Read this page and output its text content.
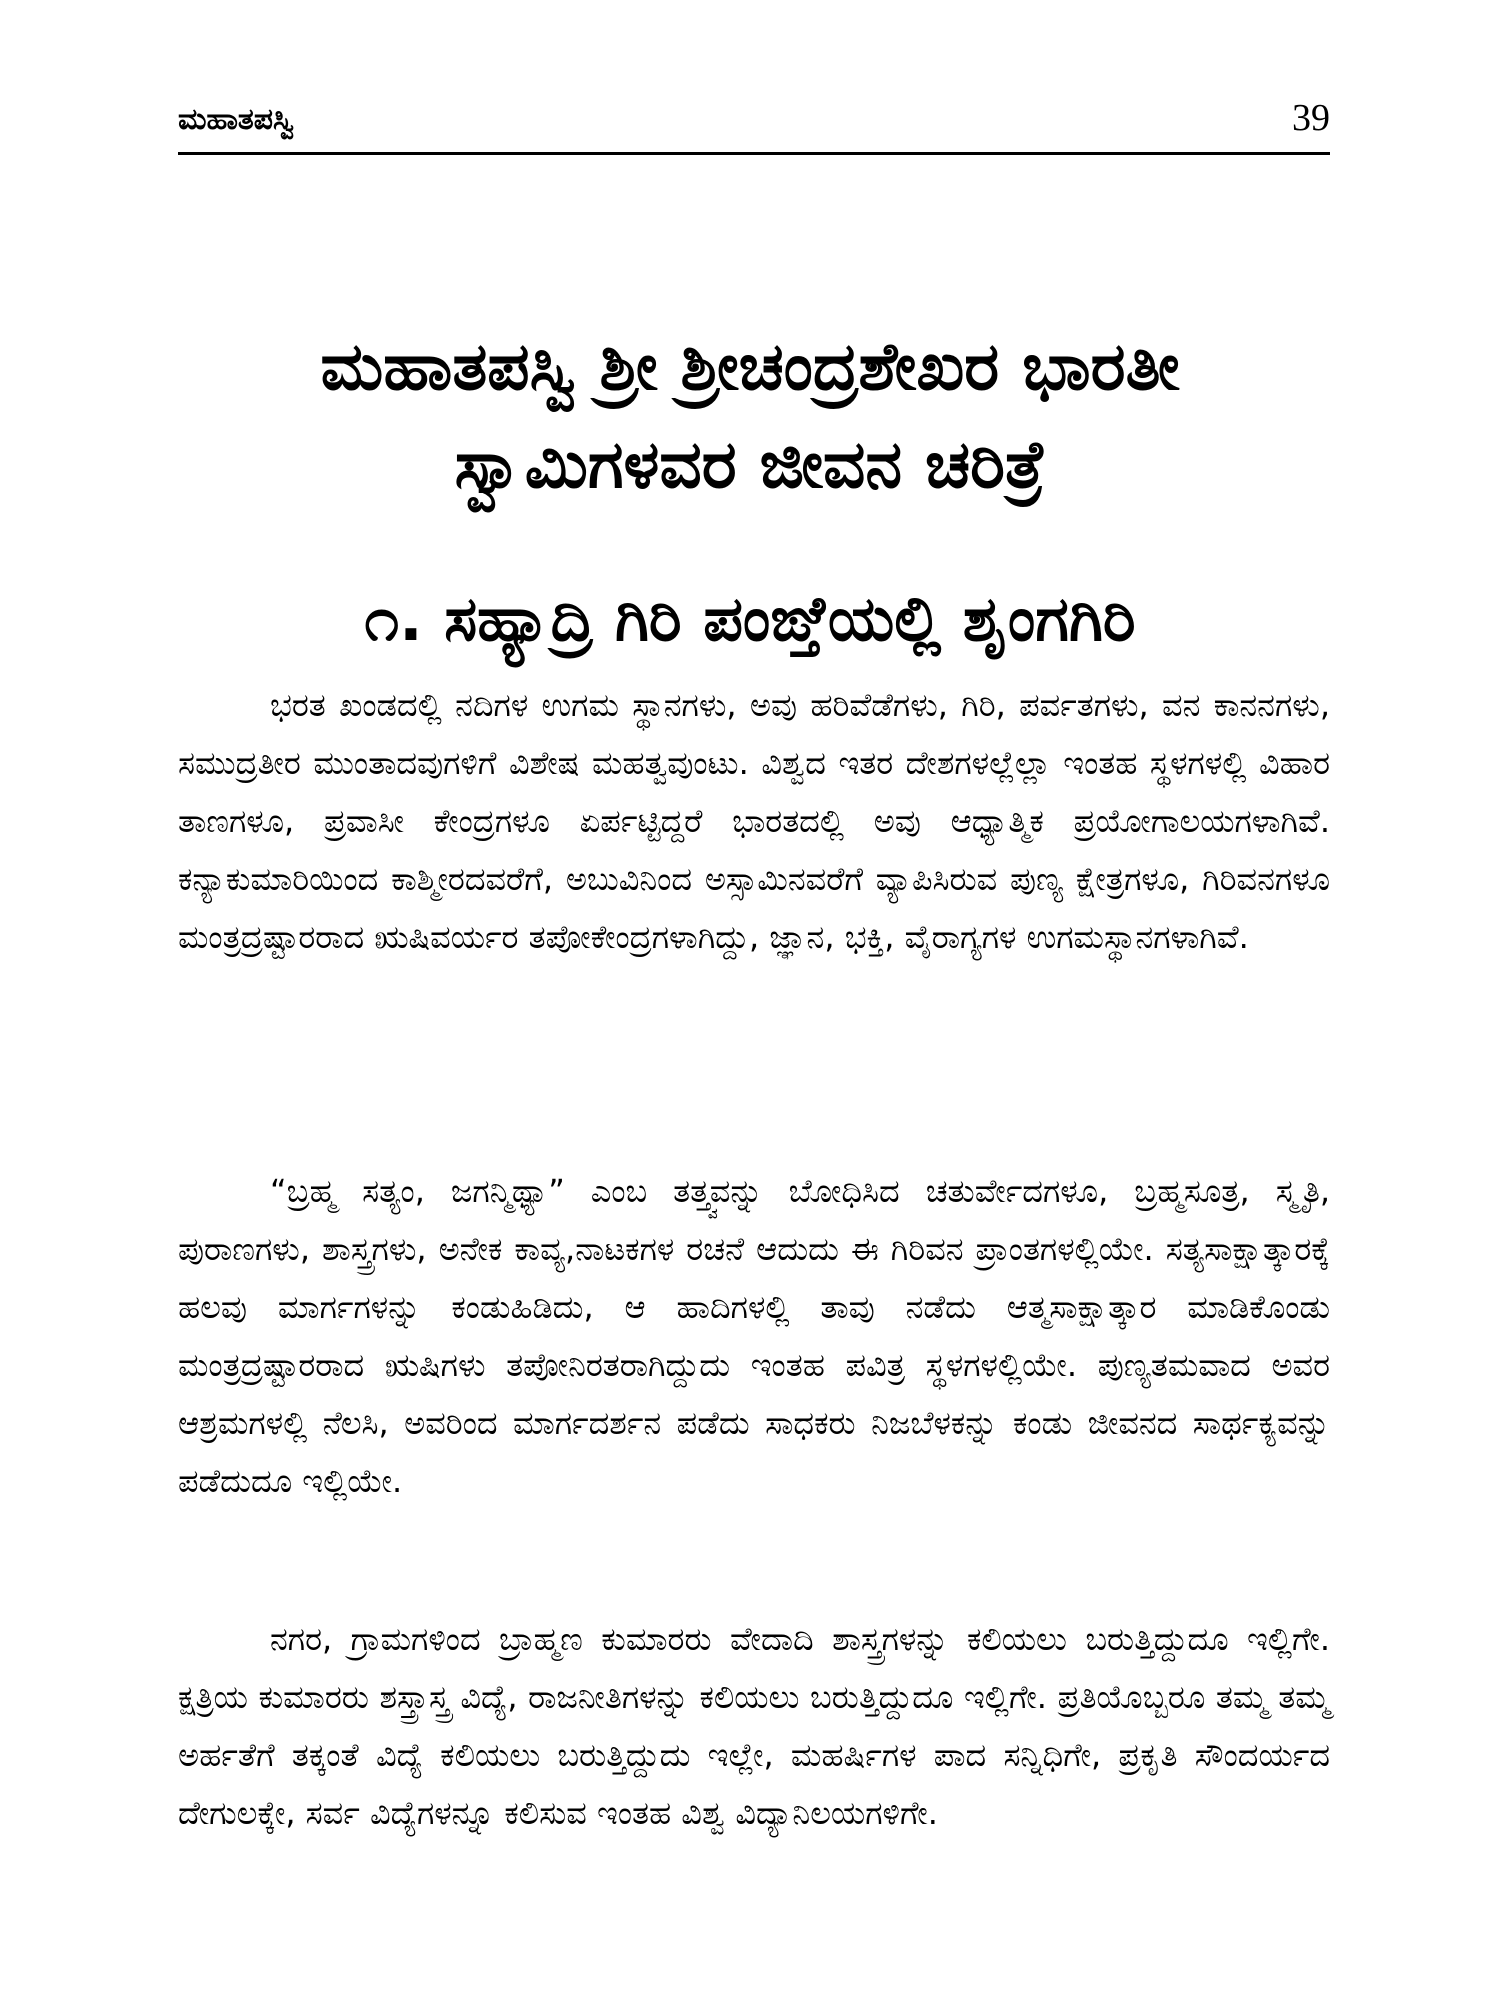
ಮಹಾತಪಸ್ವಿ	39
ಮಹಾತಪಸ್ವಿ ಶ್ರೀ ಶ್ರೀಚಂದ್ರಶೇಖರ ಭಾರತೀ
ಸ್ವಾಮಿಗಳವರ ಜೀವನ ಚರಿತ್ರೆ
೧. ಸಹ್ಯಾದ್ರಿ ಗಿರಿ ಪಂಙ್ತೆಯಲ್ಲಿ ಶೃಂಗಗಿರಿ

ಭರತ ಖಂಡದಲ್ಲಿ ನದಿಗಳ ಉಗಮ ಸ್ಥಾನಗಳು, ಅವು ಹರಿವೆಡೆಗಳು, ಗಿರಿ, ಪರ್ವತಗಳು, ವನ ಕಾನನಗಳು, ಸಮುದ್ರತೀರ ಮುಂತಾದವುಗಳಿಗೆ ವಿಶೇಷ ಮಹತ್ವವುಂಟು. ವಿಶ್ವದ ಇತರ ದೇಶಗಳಲ್ಲೆಲ್ಲಾ ಇಂತಹ ಸ್ಥಳಗಳಲ್ಲಿ ವಿಹಾರ ತಾಣಗಳೂ, ಪ್ರವಾಸೀ ಕೇಂದ್ರಗಳೂ ಏರ್ಪಟ್ಟಿದ್ದರೆ ಭಾರತದಲ್ಲಿ ಅವು ಆಧ್ಯಾತ್ಮಿಕ ಪ್ರಯೋಗಾಲಯಗಳಾಗಿವೆ. ಕನ್ಯಾಕುಮಾರಿಯಿಂದ ಕಾಶ್ಮೀರದವರೆಗೆ, ಅಬುವಿನಿಂದ ಅಸ್ಸಾಮಿನವರೆಗೆ ವ್ಯಾಪಿಸಿರುವ ಪುಣ್ಯ ಕ್ಷೇತ್ರಗಳೂ, ಗಿರಿವನಗಳೂ ಮಂತ್ರದ್ರಷ್ಟಾರರಾದ ಋಷಿವರ್ಯರ ತಪೋಕೇಂದ್ರಗಳಾಗಿದ್ದು, ಜ್ಞಾನ, ಭಕ್ತಿ, ವೈರಾಗ್ಯಗಳ ಉಗಮಸ್ಥಾನಗಳಾಗಿವೆ.

“ಬ್ರಹ್ಮ ಸತ್ಯಂ, ಜಗನ್ಮಿಥ್ಯಾ” ಎಂಬ ತತ್ತ್ವವನ್ನು ಬೋಧಿಸಿದ ಚತುರ್ವೇದಗಳೂ, ಬ್ರಹ್ಮಸೂತ್ರ, ಸ್ಮೃತಿ, ಪುರಾಣಗಳು, ಶಾಸ್ತ್ರಗಳು, ಅನೇಕ ಕಾವ್ಯ,ನಾಟಕಗಳ ರಚನೆ ಆದುದು ಈ ಗಿರಿವನ ಪ್ರಾಂತಗಳಲ್ಲಿಯೇ. ಸತ್ಯಸಾಕ್ಷಾತ್ಕಾರಕ್ಕೆ ಹಲವು ಮಾರ್ಗಗಳನ್ನು ಕಂಡುಹಿಡಿದು, ಆ ಹಾದಿಗಳಲ್ಲಿ ತಾವು ನಡೆದು ಆತ್ಮಸಾಕ್ಷಾತ್ಕಾರ ಮಾಡಿಕೊಂಡು ಮಂತ್ರದ್ರಷ್ಟಾರರಾದ ಋಷಿಗಳು ತಪೋನಿರತರಾಗಿದ್ದುದು ಇಂತಹ ಪವಿತ್ರ ಸ್ಥಳಗಳಲ್ಲಿಯೇ. ಪುಣ್ಯತಮವಾದ ಅವರ ಆಶ್ರಮಗಳಲ್ಲಿ ನೆಲಸಿ, ಅವರಿಂದ ಮಾರ್ಗದರ್ಶನ ಪಡೆದು ಸಾಧಕರು ನಿಜಬೆಳಕನ್ನು ಕಂಡು ಜೀವನದ ಸಾರ್ಥಕ್ಯವನ್ನು ಪಡೆದುದೂ ಇಲ್ಲಿಯೇ.

ನಗರ, ಗ್ರಾಮಗಳಿಂದ ಬ್ರಾಹ್ಮಣ ಕುಮಾರರು ವೇದಾದಿ ಶಾಸ್ತ್ರಗಳನ್ನು ಕಲಿಯಲು ಬರುತ್ತಿದ್ದುದೂ ಇಲ್ಲಿಗೇ. ಕ್ಷತ್ರಿಯ ಕುಮಾರರು ಶಸ್ತ್ರಾಸ್ತ್ರ ವಿದ್ಯೆ, ರಾಜನೀತಿಗಳನ್ನು ಕಲಿಯಲು ಬರುತ್ತಿದ್ದುದೂ ಇಲ್ಲಿಗೇ. ಪ್ರತಿಯೊಬ್ಬರೂ ತಮ್ಮ ತಮ್ಮ ಅರ್ಹತೆಗೆ ತಕ್ಕಂತೆ ವಿದ್ಯೆ ಕಲಿಯಲು ಬರುತ್ತಿದ್ದುದು ಇಲ್ಲೇ, ಮಹರ್ಷಿಗಳ ಪಾದ ಸನ್ನಿಧಿಗೇ, ಪ್ರಕೃತಿ ಸೌಂದರ್ಯದ ದೇಗುಲಕ್ಕೇ, ಸರ್ವ ವಿದ್ಯೆಗಳನ್ನೂ ಕಲಿಸುವ ಇಂತಹ ವಿಶ್ವ ವಿದ್ಯಾನಿಲಯಗಳಿಗೇ.
